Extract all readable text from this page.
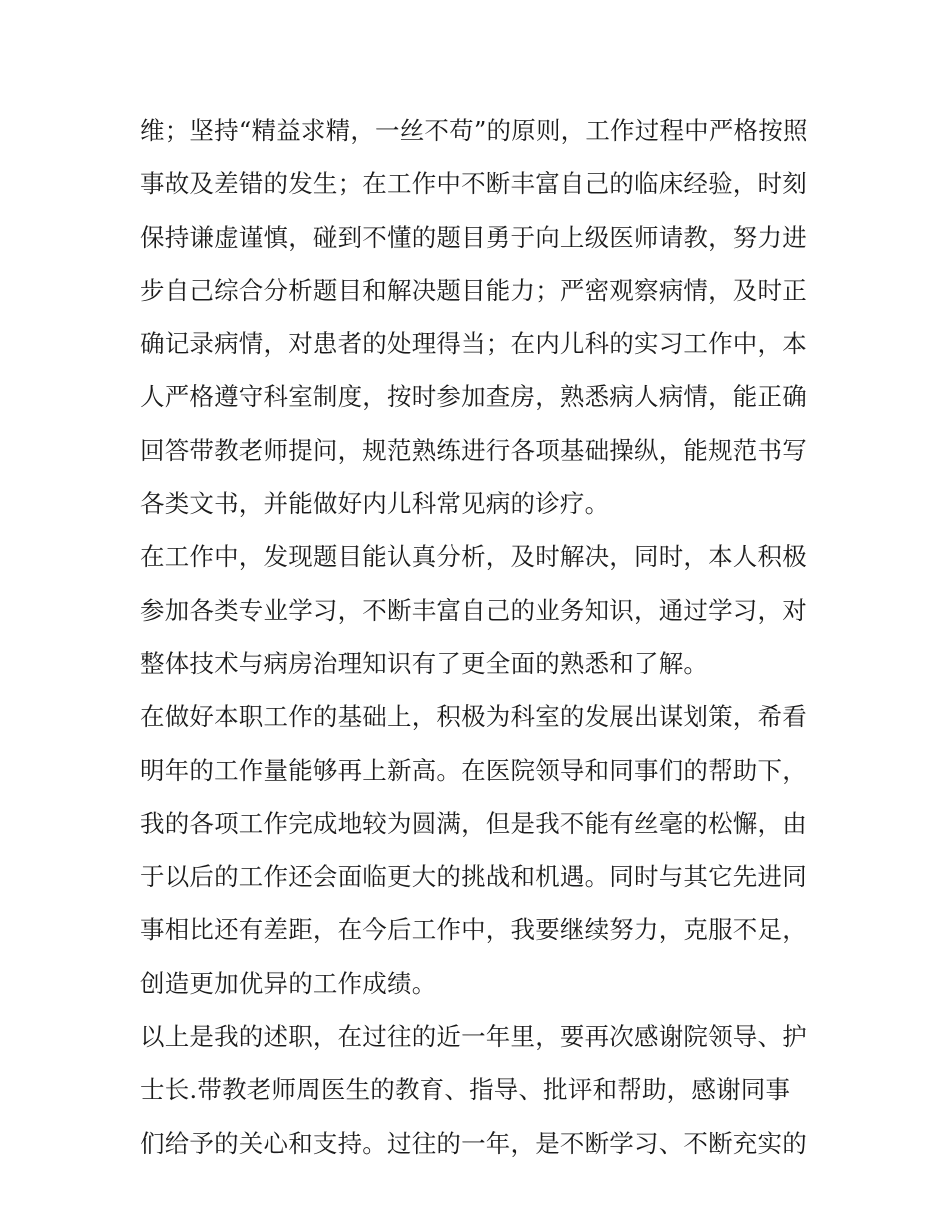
维；坚持“精益求精，一丝不苟”的原则，工作过程中严格按照
事故及差错的发生；在工作中不断丰富自己的临床经验，时刻
保持谦虚谨慎，碰到不懂的题目勇于向上级医师请教，努力进
步自己综合分析题目和解决题目能力；严密观察病情，及时正
确记录病情，对患者的处理得当；在内儿科的实习工作中，本
人严格遵守科室制度，按时参加查房，熟悉病人病情，能正确
回答带教老师提问，规范熟练进行各项基础操纵，能规范书写
各类文书，并能做好内儿科常见病的诊疗。
在工作中，发现题目能认真分析，及时解决，同时，本人积极
参加各类专业学习，不断丰富自己的业务知识，通过学习，对
整体技术与病房治理知识有了更全面的熟悉和了解。
在做好本职工作的基础上，积极为科室的发展出谋划策，希看
明年的工作量能够再上新高。在医院领导和同事们的帮助下，
我的各项工作完成地较为圆满，但是我不能有丝毫的松懈，由
于以后的工作还会面临更大的挑战和机遇。同时与其它先进同
事相比还有差距，在今后工作中，我要继续努力，克服不足，
创造更加优异的工作成绩。
以上是我的述职，在过往的近一年里，要再次感谢院领导、护
士长.带教老师周医生的教育、指导、批评和帮助，感谢同事
们给予的关心和支持。过往的一年，是不断学习、不断充实的
